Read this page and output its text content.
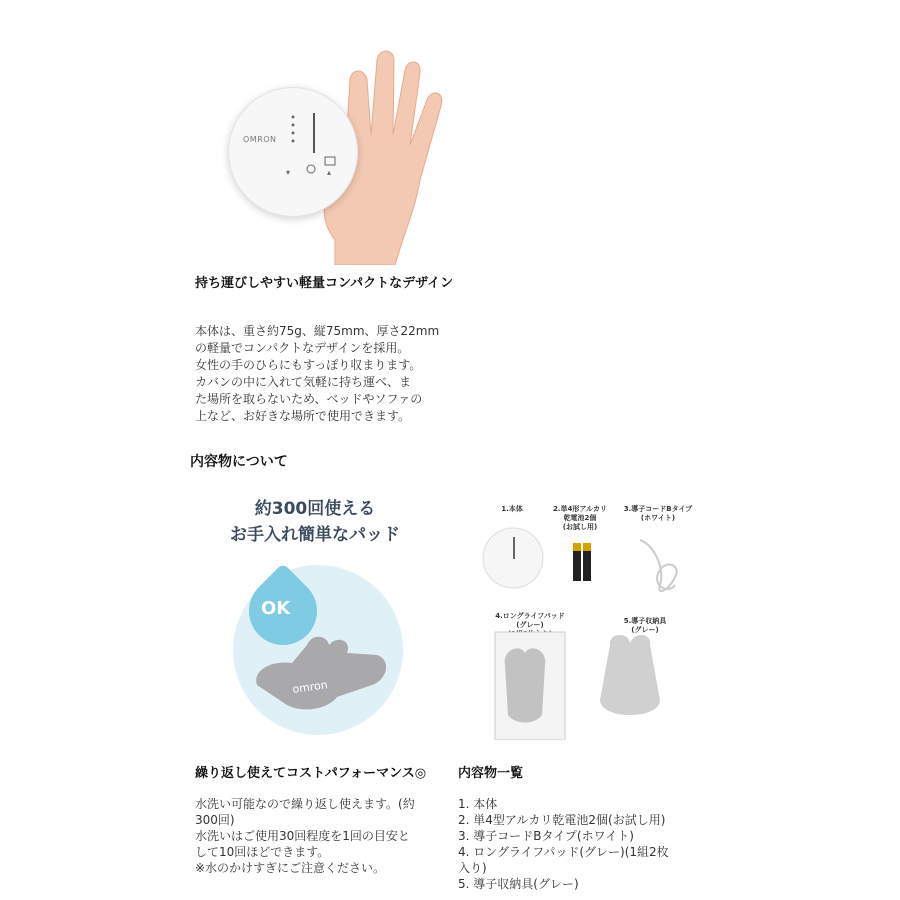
OMRON
▾	▴
持ち運びしやすい軽量コンパクトなデザイン

本体は、重さ約75g、縦75mm、厚さ22mm

の軽量でコンパクトなデザインを採用。

女性の手のひらにもすっぽり収まります。

カバンの中に入れて気軽に持ち運べ、ま

た場所を取らないため、ベッドやソファの

上など、お好きな場所で使用できます。

内容物について
約300回使える
お手入れ簡単なパッド
OK
omron
1.本体	2.単4形アルカリ
乾電池2個
(お試し用)
3.導子コードBタイプ
(ホワイト)
4.ロングライフパッド
(グレー)	5.導子収納具
(グレー)
繰り返し使えてコストパフォーマンス◎

水洗い可能なので繰り返し使えます。(約

300回)

水洗いはご使用30回程度を1回の目安と

して10回ほどできます。

※水のかけすぎにご注意ください。

内容物一覧
1. 本体
2. 単4型アルカリ乾電池2個(お試し用)
3. 導子コードBタイプ(ホワイト)
4. ロングライフパッド(グレー)(1組2枚
入り)
5. 導子収納具(グレー)
